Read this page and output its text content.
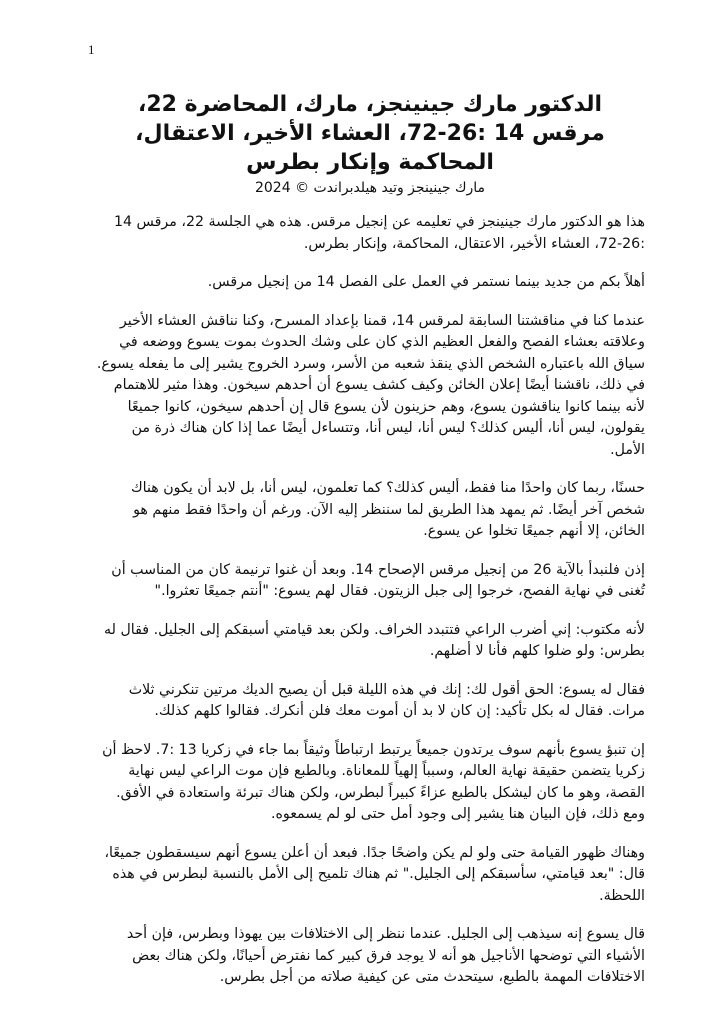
1
الدكتور مارك جينينجز، مارك، المحاضرة 22، مرقس 14 :26-72، العشاء الأخير، الاعتقال، المحاكمة وإنكار بطرس
مارك جينينجز وتيد هيلدبراندت © 2024

هذا هو الدكتور مارك جينينجز في تعليمه عن إنجيل مرقس. هذه هي الجلسة 22، مرقس 14 :26-72، العشاء الأخير، الاعتقال، المحاكمة، وإنكار بطرس.

أهلاً بكم من جديد بينما نستمر في العمل على الفصل 14 من إنجيل مرقس.

عندما كنا في مناقشتنا السابقة لمرقس 14، قمنا بإعداد المسرح، وكنا نناقش العشاء الأخير وعلاقته بعشاء الفصح والفعل العظيم الذي كان على وشك الحدوث بموت يسوع ووضعه في سياق الله باعتباره الشخص الذي ينقذ شعبه من الأسر، وسرد الخروج يشير إلى ما يفعله يسوع. في ذلك، ناقشنا أيضًا إعلان الخائن وكيف كشف يسوع أن أحدهم سيخون. وهذا مثير للاهتمام لأنه بينما كانوا يناقشون يسوع، وهم حزينون لأن يسوع قال إن أحدهم سيخون، كانوا جميعًا يقولون، ليس أنا، أليس كذلك؟ ليس أنا، ليس أنا، وتتساءل أيضًا عما إذا كان هناك ذرة من الأمل.

حسنًا، ربما كان واحدًا منا فقط، أليس كذلك؟ كما تعلمون، ليس أنا، بل لابد أن يكون هناك شخص آخر أيضًا. ثم يمهد هذا الطريق لما سننظر إليه الآن. ورغم أن واحدًا فقط منهم هو الخائن، إلا أنهم جميعًا تخلوا عن يسوع.

إذن فلنبدأ بالآية 26 من إنجيل مرقس الإصحاح 14. وبعد أن غنوا ترنيمة كان من المناسب أن تُغنى في نهاية الفصح، خرجوا إلى جبل الزيتون. فقال لهم يسوع: "أنتم جميعًا تعثروا."

لأنه مكتوب: إني أضرب الراعي فتتبدد الخراف. ولكن بعد قيامتي أسبقكم إلى الجليل. فقال له بطرس: ولو ضلوا كلهم فأنا لا أضلهم.

فقال له يسوع: الحق أقول لك: إنك في هذه الليلة قبل أن يصيح الديك مرتين تنكرني ثلاث مرات. فقال له بكل تأكيد: إن كان لا بد أن أموت معك فلن أنكرك. فقالوا كلهم كذلك.

إن تنبؤ يسوع بأنهم سوف يرتدون جميعاً يرتبط ارتباطاً وثيقاً بما جاء في زكريا 13 :7. لاحظ أن زكريا يتضمن حقيقة نهاية العالم، وسبباً إلهياً للمعاناة. وبالطبع فإن موت الراعي ليس نهاية القصة، وهو ما كان ليشكل بالطبع عزاءً كبيراً لبطرس، ولكن هناك تبرئة واستعادة في الأفق. ومع ذلك، فإن البيان هنا يشير إلى وجود أمل حتى لو لم يسمعوه.

وهناك ظهور القيامة حتى ولو لم يكن واضحًا جدًا. فبعد أن أعلن يسوع أنهم سيسقطون جميعًا، قال: "بعد قيامتي، سأسبقكم إلى الجليل." ثم هناك تلميح إلى الأمل بالنسبة لبطرس في هذه اللحظة.

قال يسوع إنه سيذهب إلى الجليل. عندما ننظر إلى الاختلافات بين يهوذا وبطرس، فإن أحد الأشياء التي توضحها الأناجيل هو أنه لا يوجد فرق كبير كما نفترض أحيانًا، ولكن هناك بعض الاختلافات المهمة بالطبع، سيتحدث متى عن كيفية صلاته من أجل بطرس.
